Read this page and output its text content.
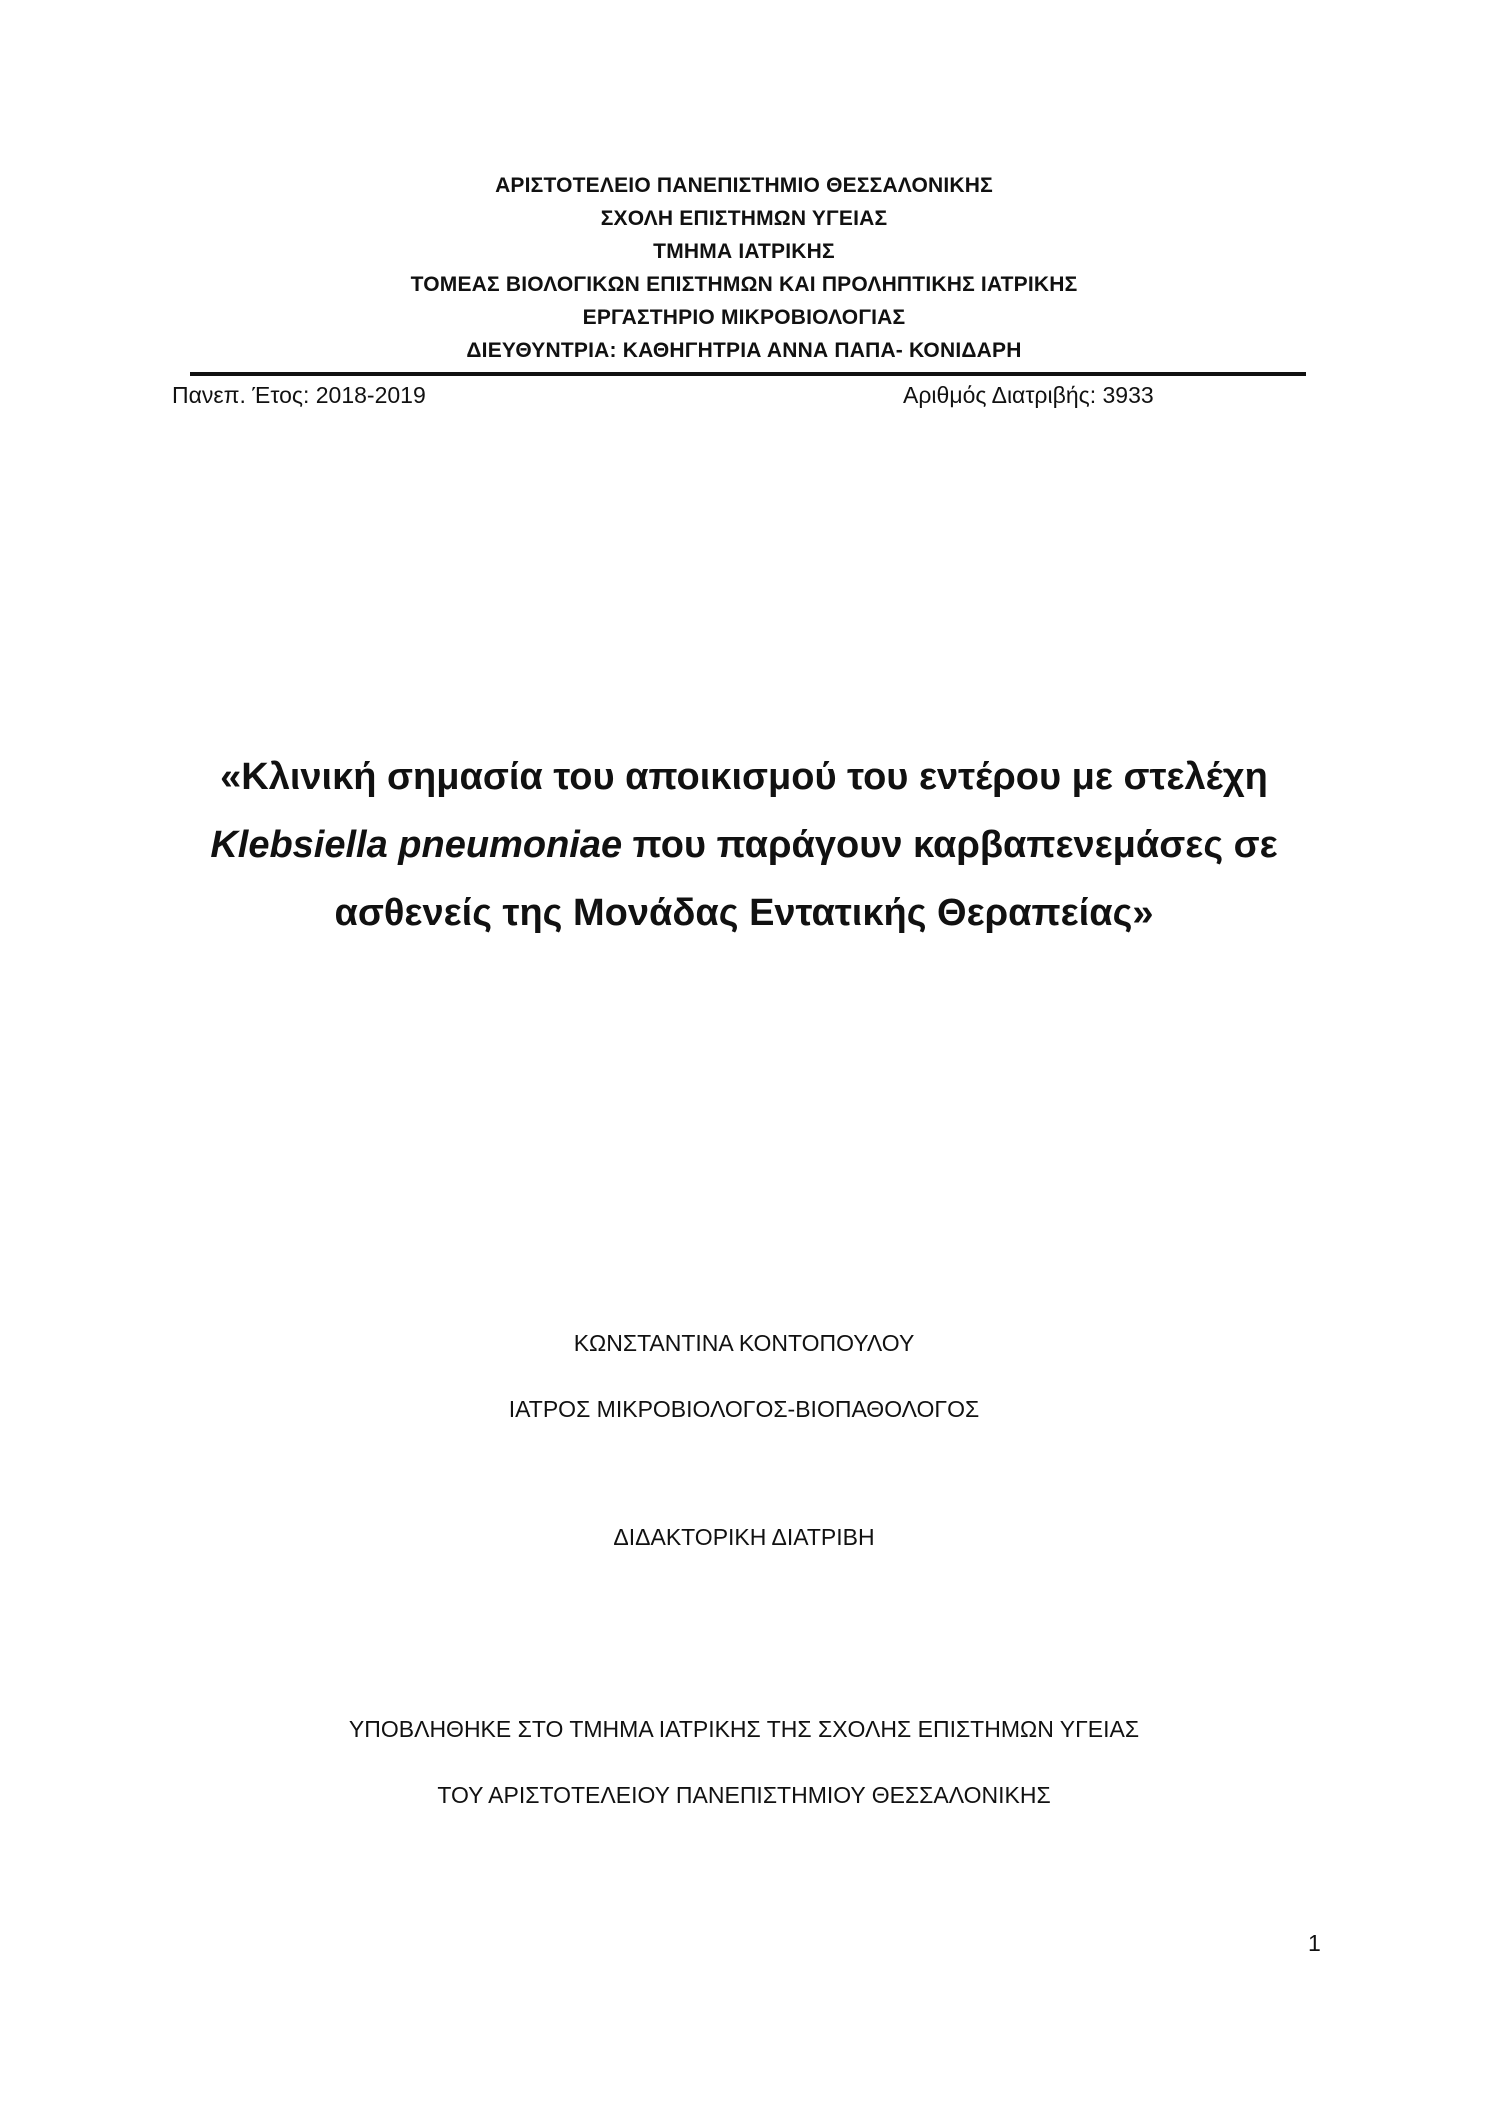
ΑΡΙΣΤΟΤΕΛΕΙΟ ΠΑΝΕΠΙΣΤΗΜΙΟ ΘΕΣΣΑΛΟΝΙΚΗΣ
ΣΧΟΛΗ ΕΠΙΣΤΗΜΩΝ ΥΓΕΙΑΣ
ΤΜΗΜΑ ΙΑΤΡΙΚΗΣ
ΤΟΜΕΑΣ ΒΙΟΛΟΓΙΚΩΝ ΕΠΙΣΤΗΜΩΝ ΚΑΙ ΠΡΟΛΗΠΤΙΚΗΣ ΙΑΤΡΙΚΗΣ
ΕΡΓΑΣΤΗΡΙΟ ΜΙΚΡΟΒΙΟΛΟΓΙΑΣ
ΔΙΕΥΘΥΝΤΡΙΑ: ΚΑΘΗΓΗΤΡΙΑ ΑΝΝΑ ΠΑΠΑ- ΚΟΝΙΔΑΡΗ
Πανεπ. Έτος: 2018-2019	Αριθμός Διατριβής: 3933
«Κλινική σημασία του αποικισμού του εντέρου με στελέχη
Klebsiella pneumoniae που παράγουν καρβαπενεμάσες σε
ασθενείς της Μονάδας Εντατικής Θεραπείας»
ΚΩΝΣΤΑΝΤΙΝΑ ΚΟΝΤΟΠΟΥΛΟΥ
ΙΑΤΡΟΣ ΜΙΚΡΟΒΙΟΛΟΓΟΣ-ΒΙΟΠΑΘΟΛΟΓΟΣ
ΔΙΔΑΚΤΟΡΙΚΗ ΔΙΑΤΡΙΒΗ
ΥΠΟΒΛΗΘΗΚΕ ΣΤΟ ΤΜΗΜΑ ΙΑΤΡΙΚΗΣ ΤΗΣ ΣΧΟΛΗΣ ΕΠΙΣΤΗΜΩΝ ΥΓΕΙΑΣ
ΤΟΥ ΑΡΙΣΤΟΤΕΛΕΙΟΥ ΠΑΝΕΠΙΣΤΗΜΙΟΥ ΘΕΣΣΑΛΟΝΙΚΗΣ
1
